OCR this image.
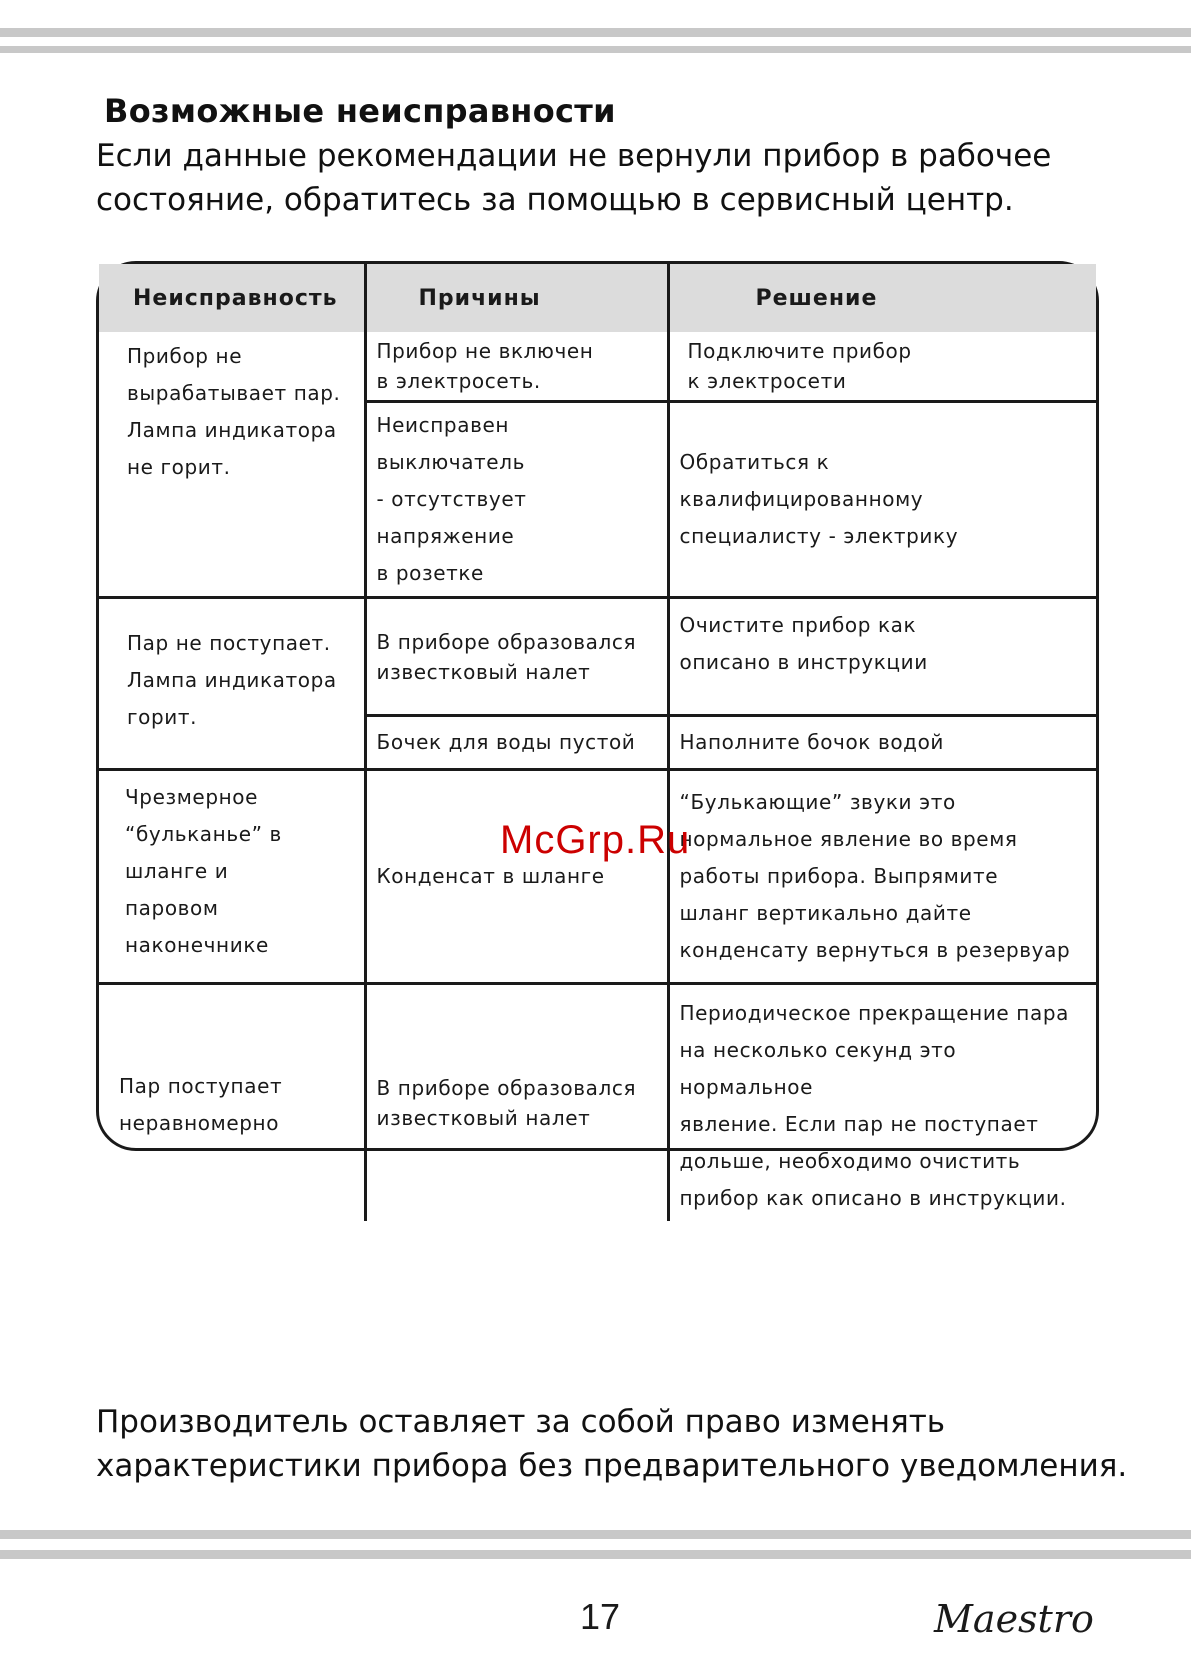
Возможные неисправности

Если данные рекомендации не вернули прибор в рабочее состояние, обратитесь за помощью в сервисный центр.

Неисправность	Причины	Решение

Прибор не
вырабатывает пар.
Лампа индикатора
не горит.	Прибор не включен
в электросеть.	Подключите прибор
к электросети

	Неисправен выключатель
- отсутствует напряжение
в розетке	Обратиться к
квалифицированному
специалисту - электрику

Пар не поступает.
Лампа индикатора
горит.	В приборе образовался
известковый налет	Очистите прибор как
описано в инструкции

	Бочек для воды пустой	Наполните бочок водой

Чрезмерное
“бульканье” в
шланге и
паровом
наконечнике	Конденсат в шланге	“Булькающие” звуки это
нормальное явление во время
работы прибора. Выпрямите
шланг вертикально дайте
конденсату вернуться в резервуар

Пар поступает
неравномерно	В приборе образовался
известковый налет	Периодическое прекращение пара
на несколько секунд это нормальное
явление. Если пар не поступает
дольше, необходимо очистить
прибор как описано в инструкции.
McGrp.Ru

Производитель оставляет за собой право изменять характеристики прибора без предварительного уведомления.

17	Maestro
